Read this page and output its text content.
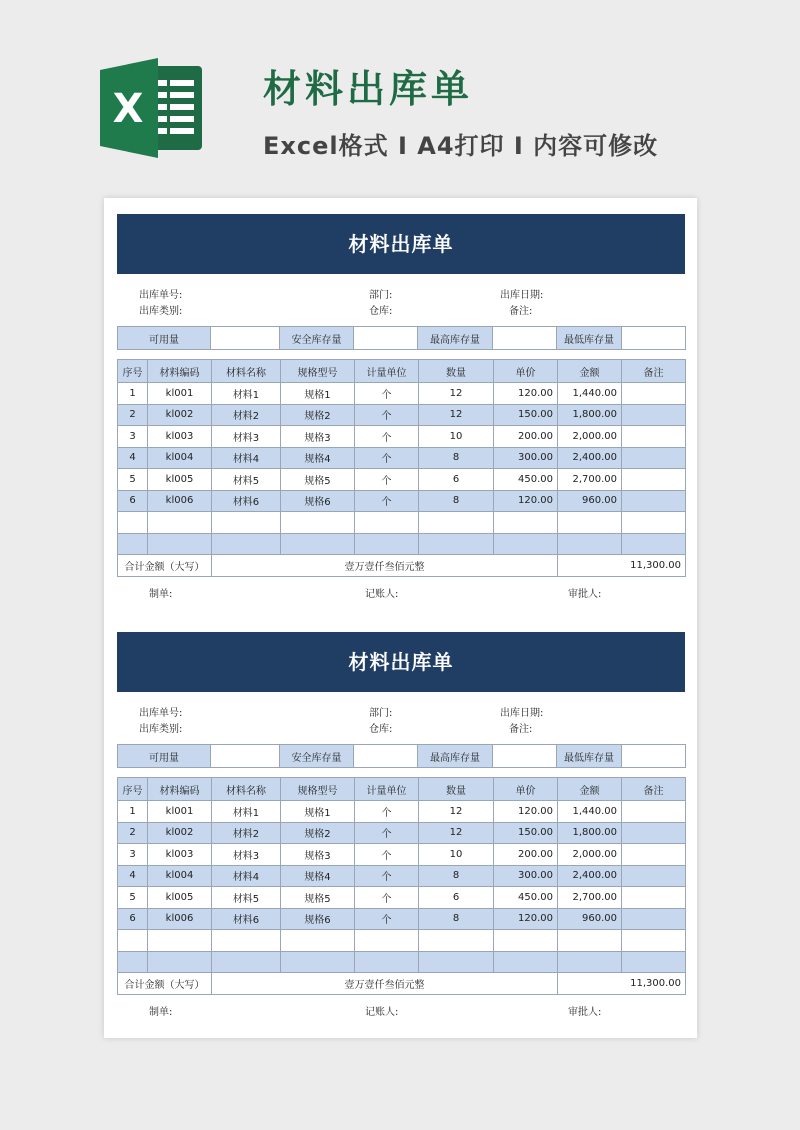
X	材料出库单
Excel格式 I A4打印 I 内容可修改
材料出库单
出库单号:	部门:	出库日期:
出库类别:	仓库:	备注:
可用量		安全库存量		最高库存量		最低库存量	
序号	材料编码	材料名称	规格型号	计量单位	数量	单价	金额	备注
1	kl001	材料1	规格1	个	12	120.00	1,440.00	
2	kl002	材料2	规格2	个	12	150.00	1,800.00	
3	kl003	材料3	规格3	个	10	200.00	2,000.00	
4	kl004	材料4	规格4	个	8	300.00	2,400.00	
5	kl005	材料5	规格5	个	6	450.00	2,700.00	
6	kl006	材料6	规格6	个	8	120.00	960.00	

合计金额（大写）		壹万壹仟叁佰元整					11,300.00	
制单:	记账人:	审批人:
材料出库单
出库单号:	部门:	出库日期:
出库类别:	仓库:	备注:
可用量		安全库存量		最高库存量		最低库存量	
序号	材料编码	材料名称	规格型号	计量单位	数量	单价	金额	备注
1	kl001	材料1	规格1	个	12	120.00	1,440.00	
2	kl002	材料2	规格2	个	12	150.00	1,800.00	
3	kl003	材料3	规格3	个	10	200.00	2,000.00	
4	kl004	材料4	规格4	个	8	300.00	2,400.00	
5	kl005	材料5	规格5	个	6	450.00	2,700.00	
6	kl006	材料6	规格6	个	8	120.00	960.00	

合计金额（大写）		壹万壹仟叁佰元整					11,300.00	
制单:	记账人:	审批人:
